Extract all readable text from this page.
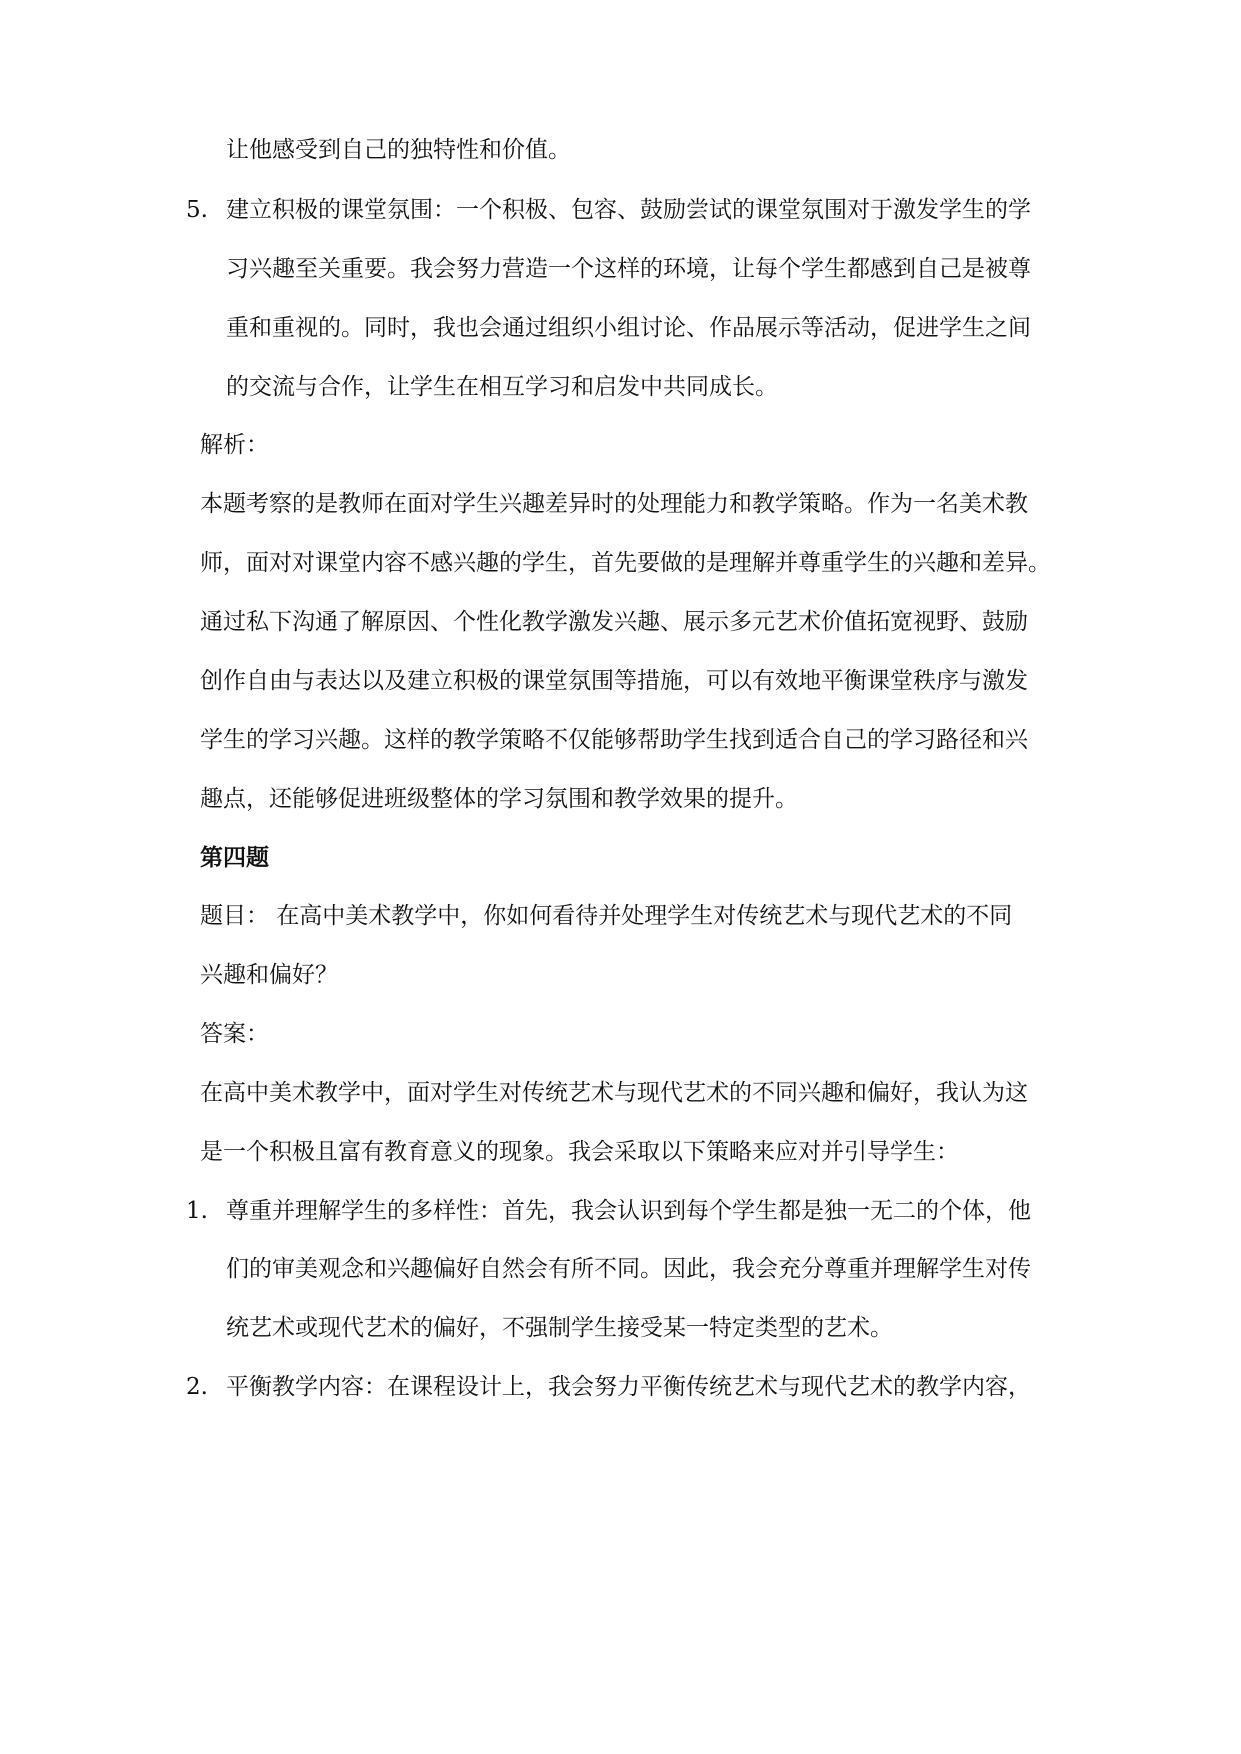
让他感受到自己的独特性和价值。
5. 建立积极的课堂氛围：一个积极、包容、鼓励尝试的课堂氛围对于激发学生的学
习兴趣至关重要。我会努力营造一个这样的环境，让每个学生都感到自己是被尊
重和重视的。同时，我也会通过组织小组讨论、作品展示等活动，促进学生之间
的交流与合作，让学生在相互学习和启发中共同成长。
解析：
本题考察的是教师在面对学生兴趣差异时的处理能力和教学策略。作为一名美术教
师，面对对课堂内容不感兴趣的学生，首先要做的是理解并尊重学生的兴趣和差异。
通过私下沟通了解原因、个性化教学激发兴趣、展示多元艺术价值拓宽视野、鼓励
创作自由与表达以及建立积极的课堂氛围等措施，可以有效地平衡课堂秩序与激发
学生的学习兴趣。这样的教学策略不仅能够帮助学生找到适合自己的学习路径和兴
趣点，还能够促进班级整体的学习氛围和教学效果的提升。
第四题
题目： 在高中美术教学中，你如何看待并处理学生对传统艺术与现代艺术的不同
兴趣和偏好？
答案：
在高中美术教学中，面对学生对传统艺术与现代艺术的不同兴趣和偏好，我认为这
是一个积极且富有教育意义的现象。我会采取以下策略来应对并引导学生：
1. 尊重并理解学生的多样性：首先，我会认识到每个学生都是独一无二的个体，他
们的审美观念和兴趣偏好自然会有所不同。因此，我会充分尊重并理解学生对传
统艺术或现代艺术的偏好，不强制学生接受某一特定类型的艺术。
2. 平衡教学内容：在课程设计上，我会努力平衡传统艺术与现代艺术的教学内容，
